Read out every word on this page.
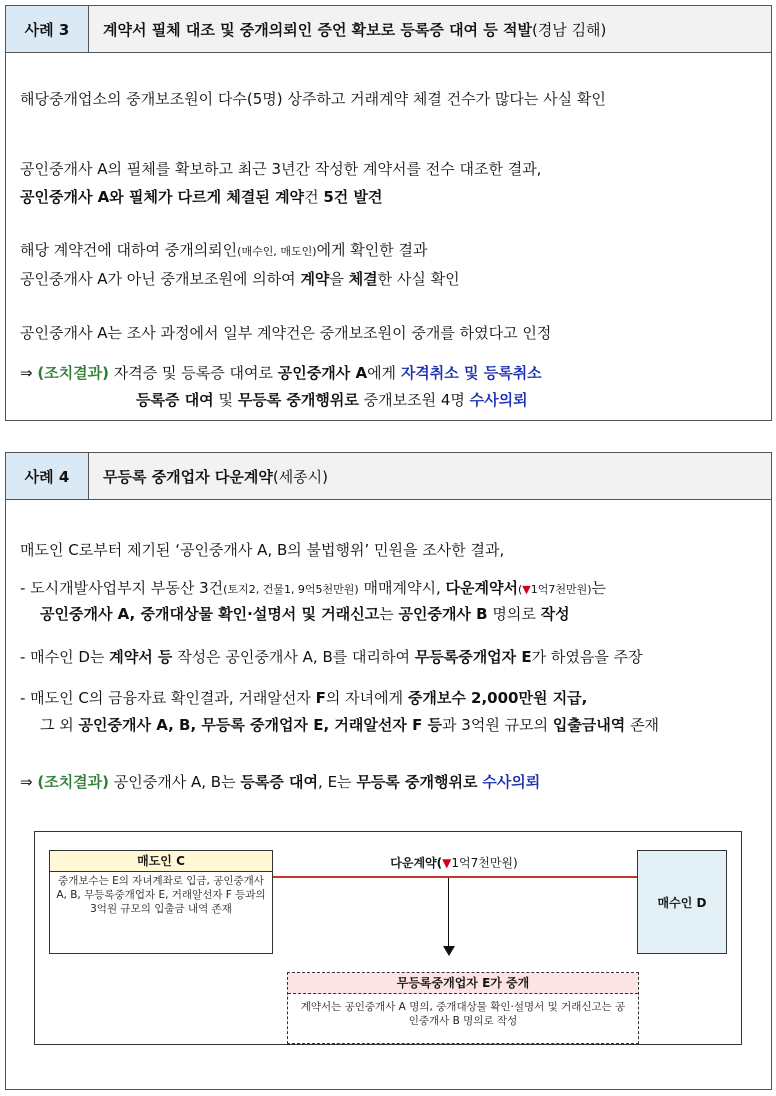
사례 3	계약서 필체 대조 및 중개의뢰인 증언 확보로 등록증 대여 등 적발 (경남 김해)
해당중개업소의 중개보조원이 다수(5명) 상주하고 거래계약 체결 건수가 많다는 사실 확인
공인중개사 A의 필체를 확보하고 최근 3년간 작성한 계약서를 전수 대조한 결과,
공인중개사 A와 필체가 다르게 체결된 계약건 5건 발견
해당 계약건에 대하여 중개의뢰인(매수인, 매도인)에게 확인한 결과
공인중개사 A가 아닌 중개보조원에 의하여 계약을 체결한 사실 확인
공인중개사 A는 조사 과정에서 일부 계약건은 중개보조원이 중개를 하였다고 인정
⇒ (조치결과) 자격증 및 등록증 대여로 공인중개사 A에게 자격취소 및 등록취소
등록증 대여 및 무등록 중개행위로 중개보조원 4명 수사의뢰
사례 4	무등록 중개업자 다운계약 (세종시)
매도인 C로부터 제기된 ‘공인중개사 A, B의 불법행위’ 민원을 조사한 결과,
- 도시개발사업부지 부동산 3건(토지2, 건물1, 9억5천만원) 매매계약시, 다운계약서(▼1억7천만원)는
공인중개사 A, 중개대상물 확인·설명서 및 거래신고는 공인중개사 B 명의로 작성
- 매수인 D는 계약서 등 작성은 공인중개사 A, B를 대리하여 무등록중개업자 E가 하였음을 주장
- 매도인 C의 금융자료 확인결과, 거래알선자 F의 자녀에게 중개보수 2,000만원 지급,
그 외 공인중개사 A, B, 무등록 중개업자 E, 거래알선자 F 등과 3억원 규모의 입출금내역 존재
⇒ (조치결과) 공인중개사 A, B는 등록증 대여, E는 무등록 중개행위로 수사의뢰
다운계약(▼1억7천만원)
매도인 C
중개보수는 E의 자녀계좌로 입금, 공인중개사 A, B, 무등록중개업자 E, 거래알선자 F 등과의 3억원 규모의 입출금 내역 존재	매수인 D
무등록중개업자 E가 중개
계약서는 공인중개사 A 명의, 중개대상물 확인·설명서 및 거래신고는 공인중개사 B 명의로 작성
